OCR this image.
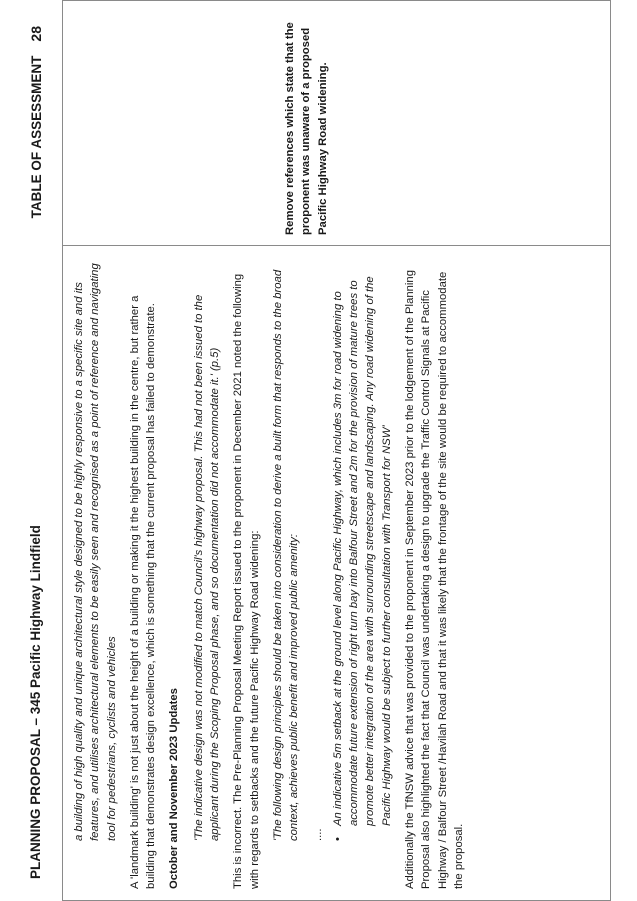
PLANNING PROPOSAL – 345 Pacific Highway Lindfield
TABLE OF ASSESSMENT28

a building of high quality and unique architectural style designed to be highly responsive to a specific site and its features, and utilises architectural elements to be easily seen and recognised as a point of reference and navigating tool for pedestrians, cyclists and vehicles A 'landmark building' is not just about the height of a building or making it the highest building in the centre, but rather a building that demonstrates design excellence, which is something that the current proposal has failed to demonstrate. October and November 2023 Updates 'The indicative design was not modified to match Council's highway proposal. This had not been issued to the applicant during the Scoping Proposal phase, and so documentation did not accommodate it.' (p.5) This is incorrect. The Pre-Planning Proposal Meeting Report issued to the proponent in December 2021 noted the following with regards to setbacks and the future Pacific Highway Road widening: 'The following design principles should be taken into consideration to derive a built form that responds to the broad context, achieves public benefit and improved public amenity: .... •
An indicative 5m setback at the ground level along Pacific Highway, which includes 3m for road widening to accommodate future extension of right turn bay into Balfour Street and 2m for the provision of mature trees to promote better integration of the area with surrounding streetscape and landscaping. Any road widening of the Pacific Highway would be subject to further consultation with Transport for NSW' Additionally the TfNSW advice that was provided to the proponent in September 2023 prior to the lodgement of the Planning Proposal also highlighted the fact that Council was undertaking a design to upgrade the Traffic Control Signals at Pacific Highway / Balfour Street /Havilah Road and that it was likely that the frontage of the site would be required to accommodate the proposal.

Remove references which state that the proponent was unaware of a proposed Pacific Highway Road widening.
